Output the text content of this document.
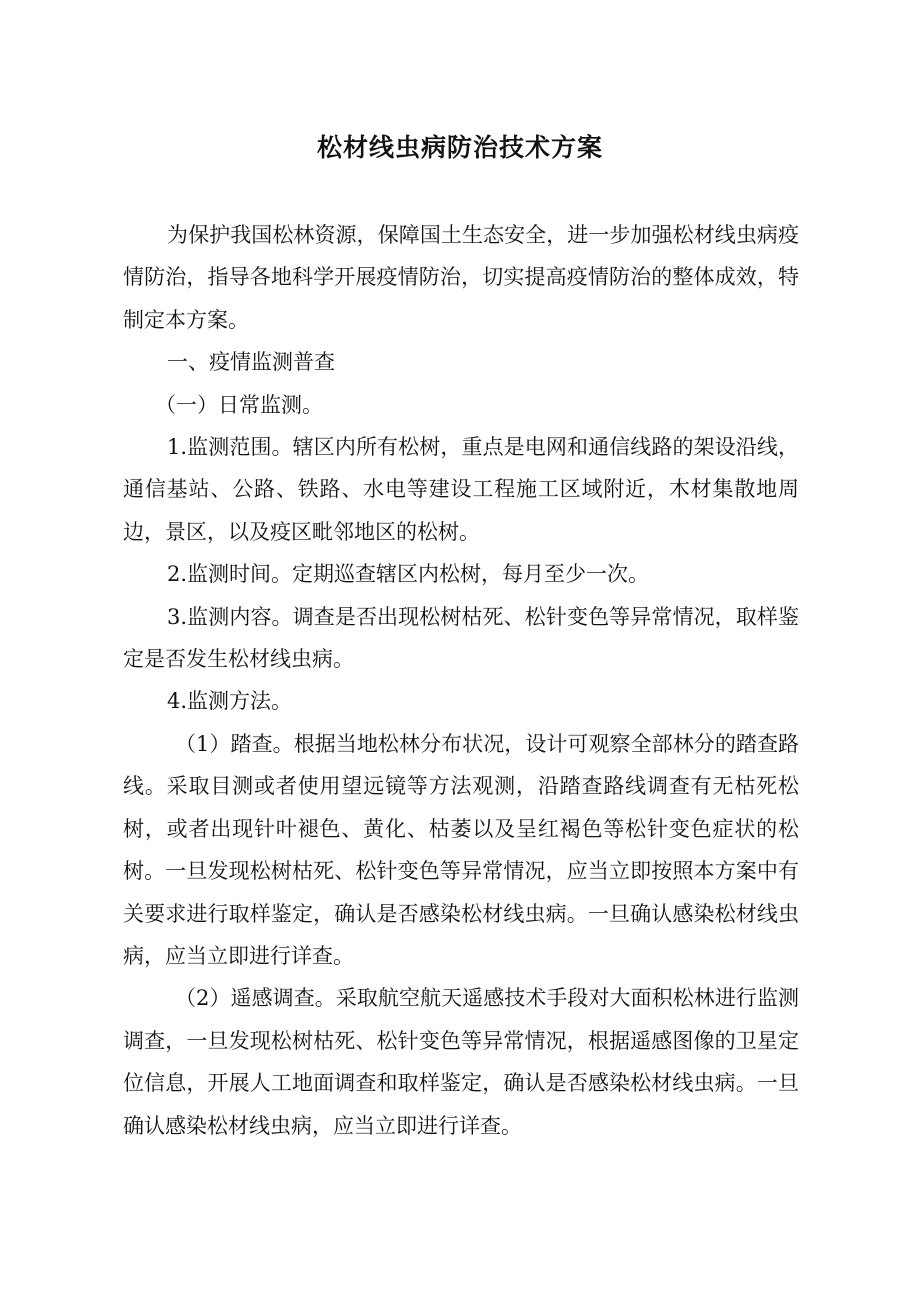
松材线虫病防治技术方案

为保护我国松林资源，保障国土生态安全，进一步加强松材线虫病疫情防治，指导各地科学开展疫情防治，切实提高疫情防治的整体成效，特制定本方案。

一、疫情监测普查

（一）日常监测。

1.监测范围。辖区内所有松树，重点是电网和通信线路的架设沿线，通信基站、公路、铁路、水电等建设工程施工区域附近，木材集散地周边，景区，以及疫区毗邻地区的松树。

2.监测时间。定期巡查辖区内松树，每月至少一次。

3.监测内容。调查是否出现松树枯死、松针变色等异常情况，取样鉴定是否发生松材线虫病。

4.监测方法。

（1）踏查。根据当地松林分布状况，设计可观察全部林分的踏查路线。采取目测或者使用望远镜等方法观测，沿踏查路线调查有无枯死松树，或者出现针叶褪色、黄化、枯萎以及呈红褐色等松针变色症状的松树。一旦发现松树枯死、松针变色等异常情况，应当立即按照本方案中有关要求进行取样鉴定，确认是否感染松材线虫病。一旦确认感染松材线虫病，应当立即进行详查。

（2）遥感调查。采取航空航天遥感技术手段对大面积松林进行监测调查，一旦发现松树枯死、松针变色等异常情况，根据遥感图像的卫星定位信息，开展人工地面调查和取样鉴定，确认是否感染松材线虫病。一旦确认感染松材线虫病，应当立即进行详查。
